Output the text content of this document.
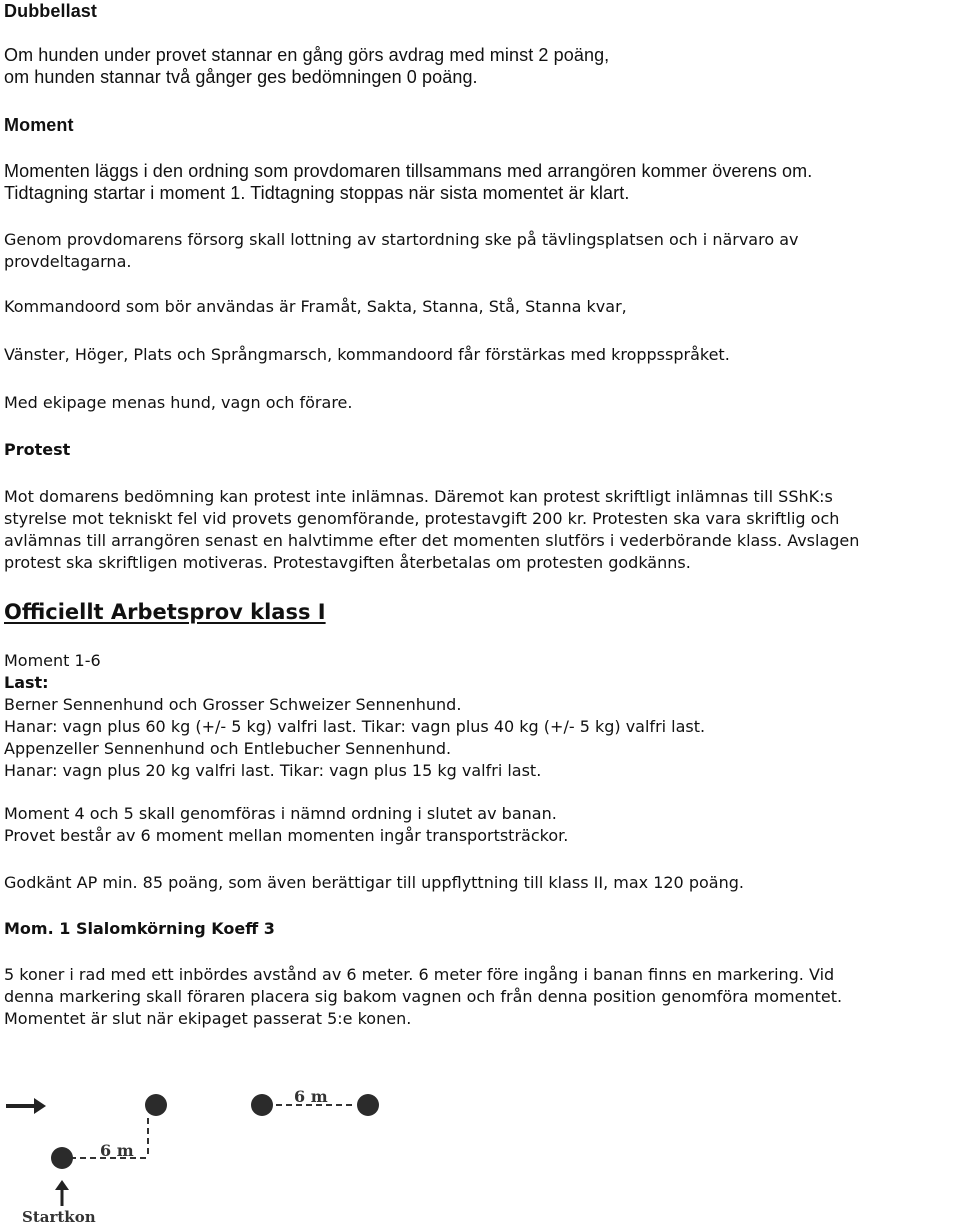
Dubbellast
Om hunden under provet stannar en gång görs avdrag med minst 2 poäng,
om hunden stannar två gånger ges bedömningen 0 poäng.
Moment
Momenten läggs i den ordning som provdomaren tillsammans med arrangören kommer överens om.
Tidtagning startar i moment 1. Tidtagning stoppas när sista momentet är klart.
Genom provdomarens försorg skall lottning av startordning ske på tävlingsplatsen och i närvaro av
provdeltagarna.
Kommandoord som bör användas är Framåt, Sakta, Stanna, Stå, Stanna kvar,
Vänster, Höger, Plats och Språngmarsch, kommandoord får förstärkas med kroppsspråket.
Med ekipage menas hund, vagn och förare.
Protest
Mot domarens bedömning kan protest inte inlämnas. Däremot kan protest skriftligt inlämnas till SShK:s
styrelse mot tekniskt fel vid provets genomförande, protestavgift 200 kr. Protesten ska vara skriftlig och
avlämnas till arrangören senast en halvtimme efter det momenten slutförs i vederbörande klass. Avslagen
protest ska skriftligen motiveras. Protestavgiften återbetalas om protesten godkänns.
Officiellt Arbetsprov klass I
Moment 1-6
Last:
Berner Sennenhund och Grosser Schweizer Sennenhund.
Hanar: vagn plus 60 kg (+/- 5 kg) valfri last. Tikar: vagn plus 40 kg (+/- 5 kg) valfri last.
Appenzeller Sennenhund och Entlebucher Sennenhund.
Hanar: vagn plus 20 kg valfri last. Tikar: vagn plus 15 kg valfri last.
Moment 4 och 5 skall genomföras i nämnd ordning i slutet av banan.
Provet består av 6 moment mellan momenten ingår transportsträckor.
Godkänt AP min. 85 poäng, som även berättigar till uppflyttning till klass II, max 120 poäng.
Mom. 1 Slalomkörning Koeff 3
5 koner i rad med ett inbördes avstånd av 6 meter. 6 meter före ingång i banan finns en markering. Vid
denna markering skall föraren placera sig bakom vagnen och från denna position genomföra momentet.
Momentet är slut när ekipaget passerat 5:e konen.
6 m
6 m
Startkon
